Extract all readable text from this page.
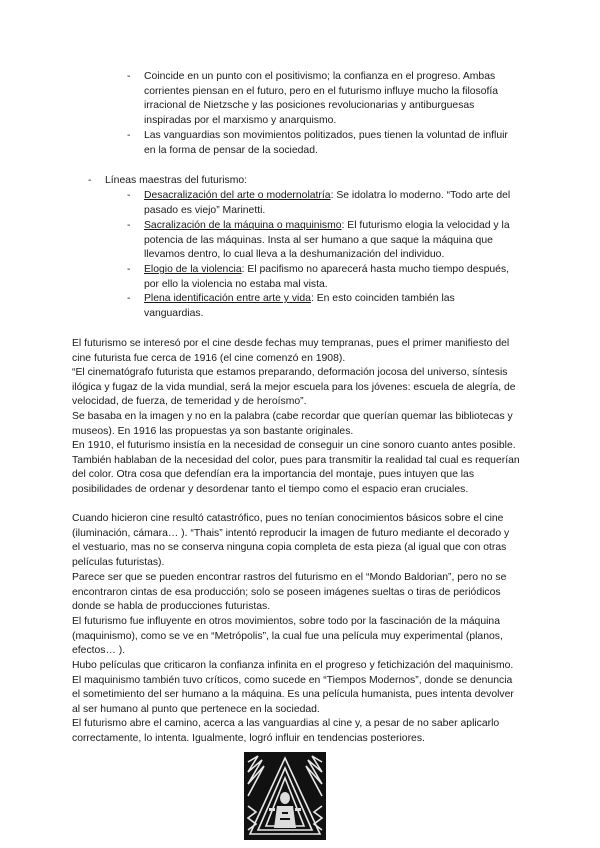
- Coincide en un punto con el positivismo; la confianza en el progreso. Ambas corrientes piensan en el futuro, pero en el futurismo influye mucho la filosofía irracional de Nietzsche y las posiciones revolucionarias y antiburguesas inspiradas por el marxismo y anarquismo.
- Las vanguardias son movimientos politizados, pues tienen la voluntad de influir en la forma de pensar de la sociedad.
- Líneas maestras del futurismo:
- Desacralización del arte o modernolatría: Se idolatra lo moderno. “Todo arte del pasado es viejo” Marinetti.
- Sacralización de la máquina o maquinismo: El futurismo elogia la velocidad y la potencia de las máquinas. Insta al ser humano a que saque la máquina que llevamos dentro, lo cual lleva a la deshumanización del individuo.
- Elogio de la violencia: El pacifismo no aparecerá hasta mucho tiempo después, por ello la violencia no estaba mal vista.
- Plena identificación entre arte y vida: En esto coinciden también las vanguardias.
El futurismo se interesó por el cine desde fechas muy tempranas, pues el primer manifiesto del cine futurista fue cerca de 1916 (el cine comenzó en 1908).
“El cinematógrafo futurista que estamos preparando, deformación jocosa del universo, síntesis ilógica y fugaz de la vida mundial, será la mejor escuela para los jóvenes: escuela de alegría, de velocidad, de fuerza, de temeridad y de heroísmo”.
Se basaba en la imagen y no en la palabra (cabe recordar que querían quemar las bibliotecas y museos). En 1916 las propuestas ya son bastante originales.
En 1910, el futurismo insistía en la necesidad de conseguir un cine sonoro cuanto antes posible. También hablaban de la necesidad del color, pues para transmitir la realidad tal cual es requerían del color. Otra cosa que defendían era la importancia del montaje, pues intuyen que las posibilidades de ordenar y desordenar tanto el tiempo como el espacio eran cruciales.
Cuando hicieron cine resultó catastrófico, pues no tenían conocimientos básicos sobre el cine (iluminación, cámara… ). “Thais” intentó reproducir la imagen de futuro mediante el decorado y el vestuario, mas no se conserva ninguna copia completa de esta pieza (al igual que con otras películas futuristas).
Parece ser que se pueden encontrar rastros del futurismo en el “Mondo Baldorian”, pero no se encontraron cintas de esa producción; solo se poseen imágenes sueltas o tiras de periódicos donde se habla de producciones futuristas.
El futurismo fue influyente en otros movimientos, sobre todo por la fascinación de la máquina (maquinismo), como se ve en “Metrópolis”, la cual fue una película muy experimental (planos, efectos… ).
Hubo películas que criticaron la confianza infinita en el progreso y fetichización del maquinismo. El maquinismo también tuvo críticos, como sucede en “Tiempos Modernos”, donde se denuncia el sometimiento del ser humano a la máquina. Es una película humanista, pues intenta devolver al ser humano al punto que pertenece en la sociedad.
El futurismo abre el camino, acerca a las vanguardias al cine y, a pesar de no saber aplicarlo correctamente, lo intenta. Igualmente, logró influir en tendencias posteriores.
